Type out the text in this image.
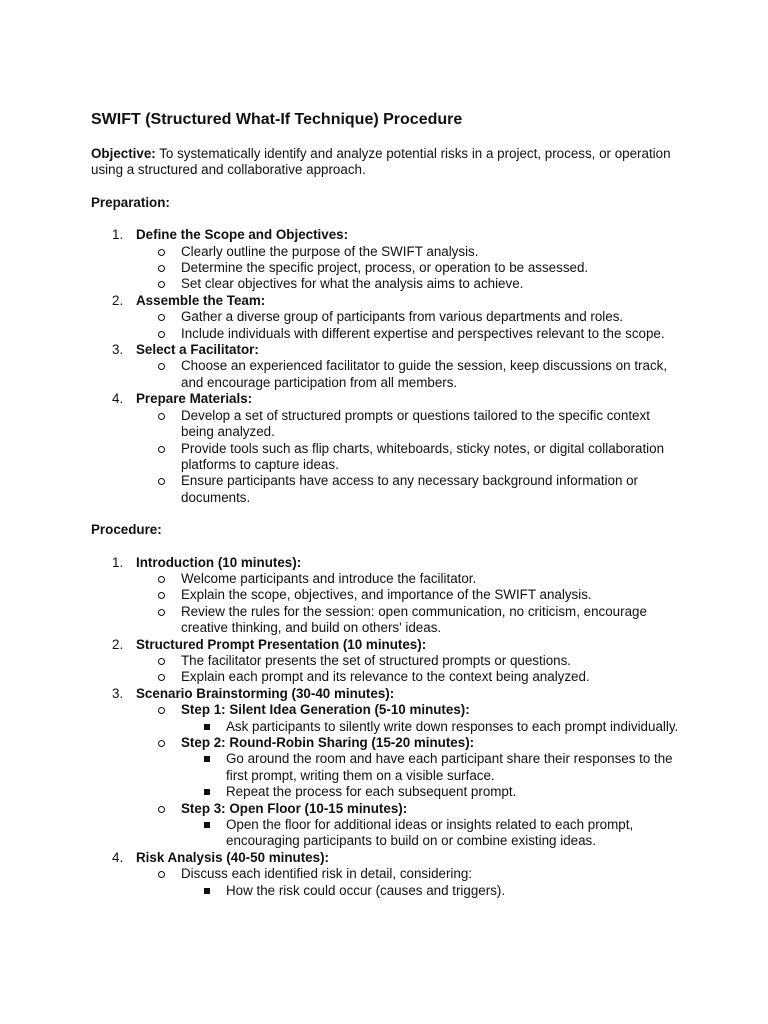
SWIFT (Structured What-If Technique) Procedure
Objective: To systematically identify and analyze potential risks in a project, process, or operation using a structured and collaborative approach.
Preparation:
1. Define the Scope and Objectives:
Clearly outline the purpose of the SWIFT analysis.
Determine the specific project, process, or operation to be assessed.
Set clear objectives for what the analysis aims to achieve.
2. Assemble the Team:
Gather a diverse group of participants from various departments and roles.
Include individuals with different expertise and perspectives relevant to the scope.
3. Select a Facilitator:
Choose an experienced facilitator to guide the session, keep discussions on track, and encourage participation from all members.
4. Prepare Materials:
Develop a set of structured prompts or questions tailored to the specific context being analyzed.
Provide tools such as flip charts, whiteboards, sticky notes, or digital collaboration platforms to capture ideas.
Ensure participants have access to any necessary background information or documents.
Procedure:
1. Introduction (10 minutes):
Welcome participants and introduce the facilitator.
Explain the scope, objectives, and importance of the SWIFT analysis.
Review the rules for the session: open communication, no criticism, encourage creative thinking, and build on others' ideas.
2. Structured Prompt Presentation (10 minutes):
The facilitator presents the set of structured prompts or questions.
Explain each prompt and its relevance to the context being analyzed.
3. Scenario Brainstorming (30-40 minutes):
Step 1: Silent Idea Generation (5-10 minutes):
Ask participants to silently write down responses to each prompt individually.
Step 2: Round-Robin Sharing (15-20 minutes):
Go around the room and have each participant share their responses to the first prompt, writing them on a visible surface.
Repeat the process for each subsequent prompt.
Step 3: Open Floor (10-15 minutes):
Open the floor for additional ideas or insights related to each prompt, encouraging participants to build on or combine existing ideas.
4. Risk Analysis (40-50 minutes):
Discuss each identified risk in detail, considering:
How the risk could occur (causes and triggers).
